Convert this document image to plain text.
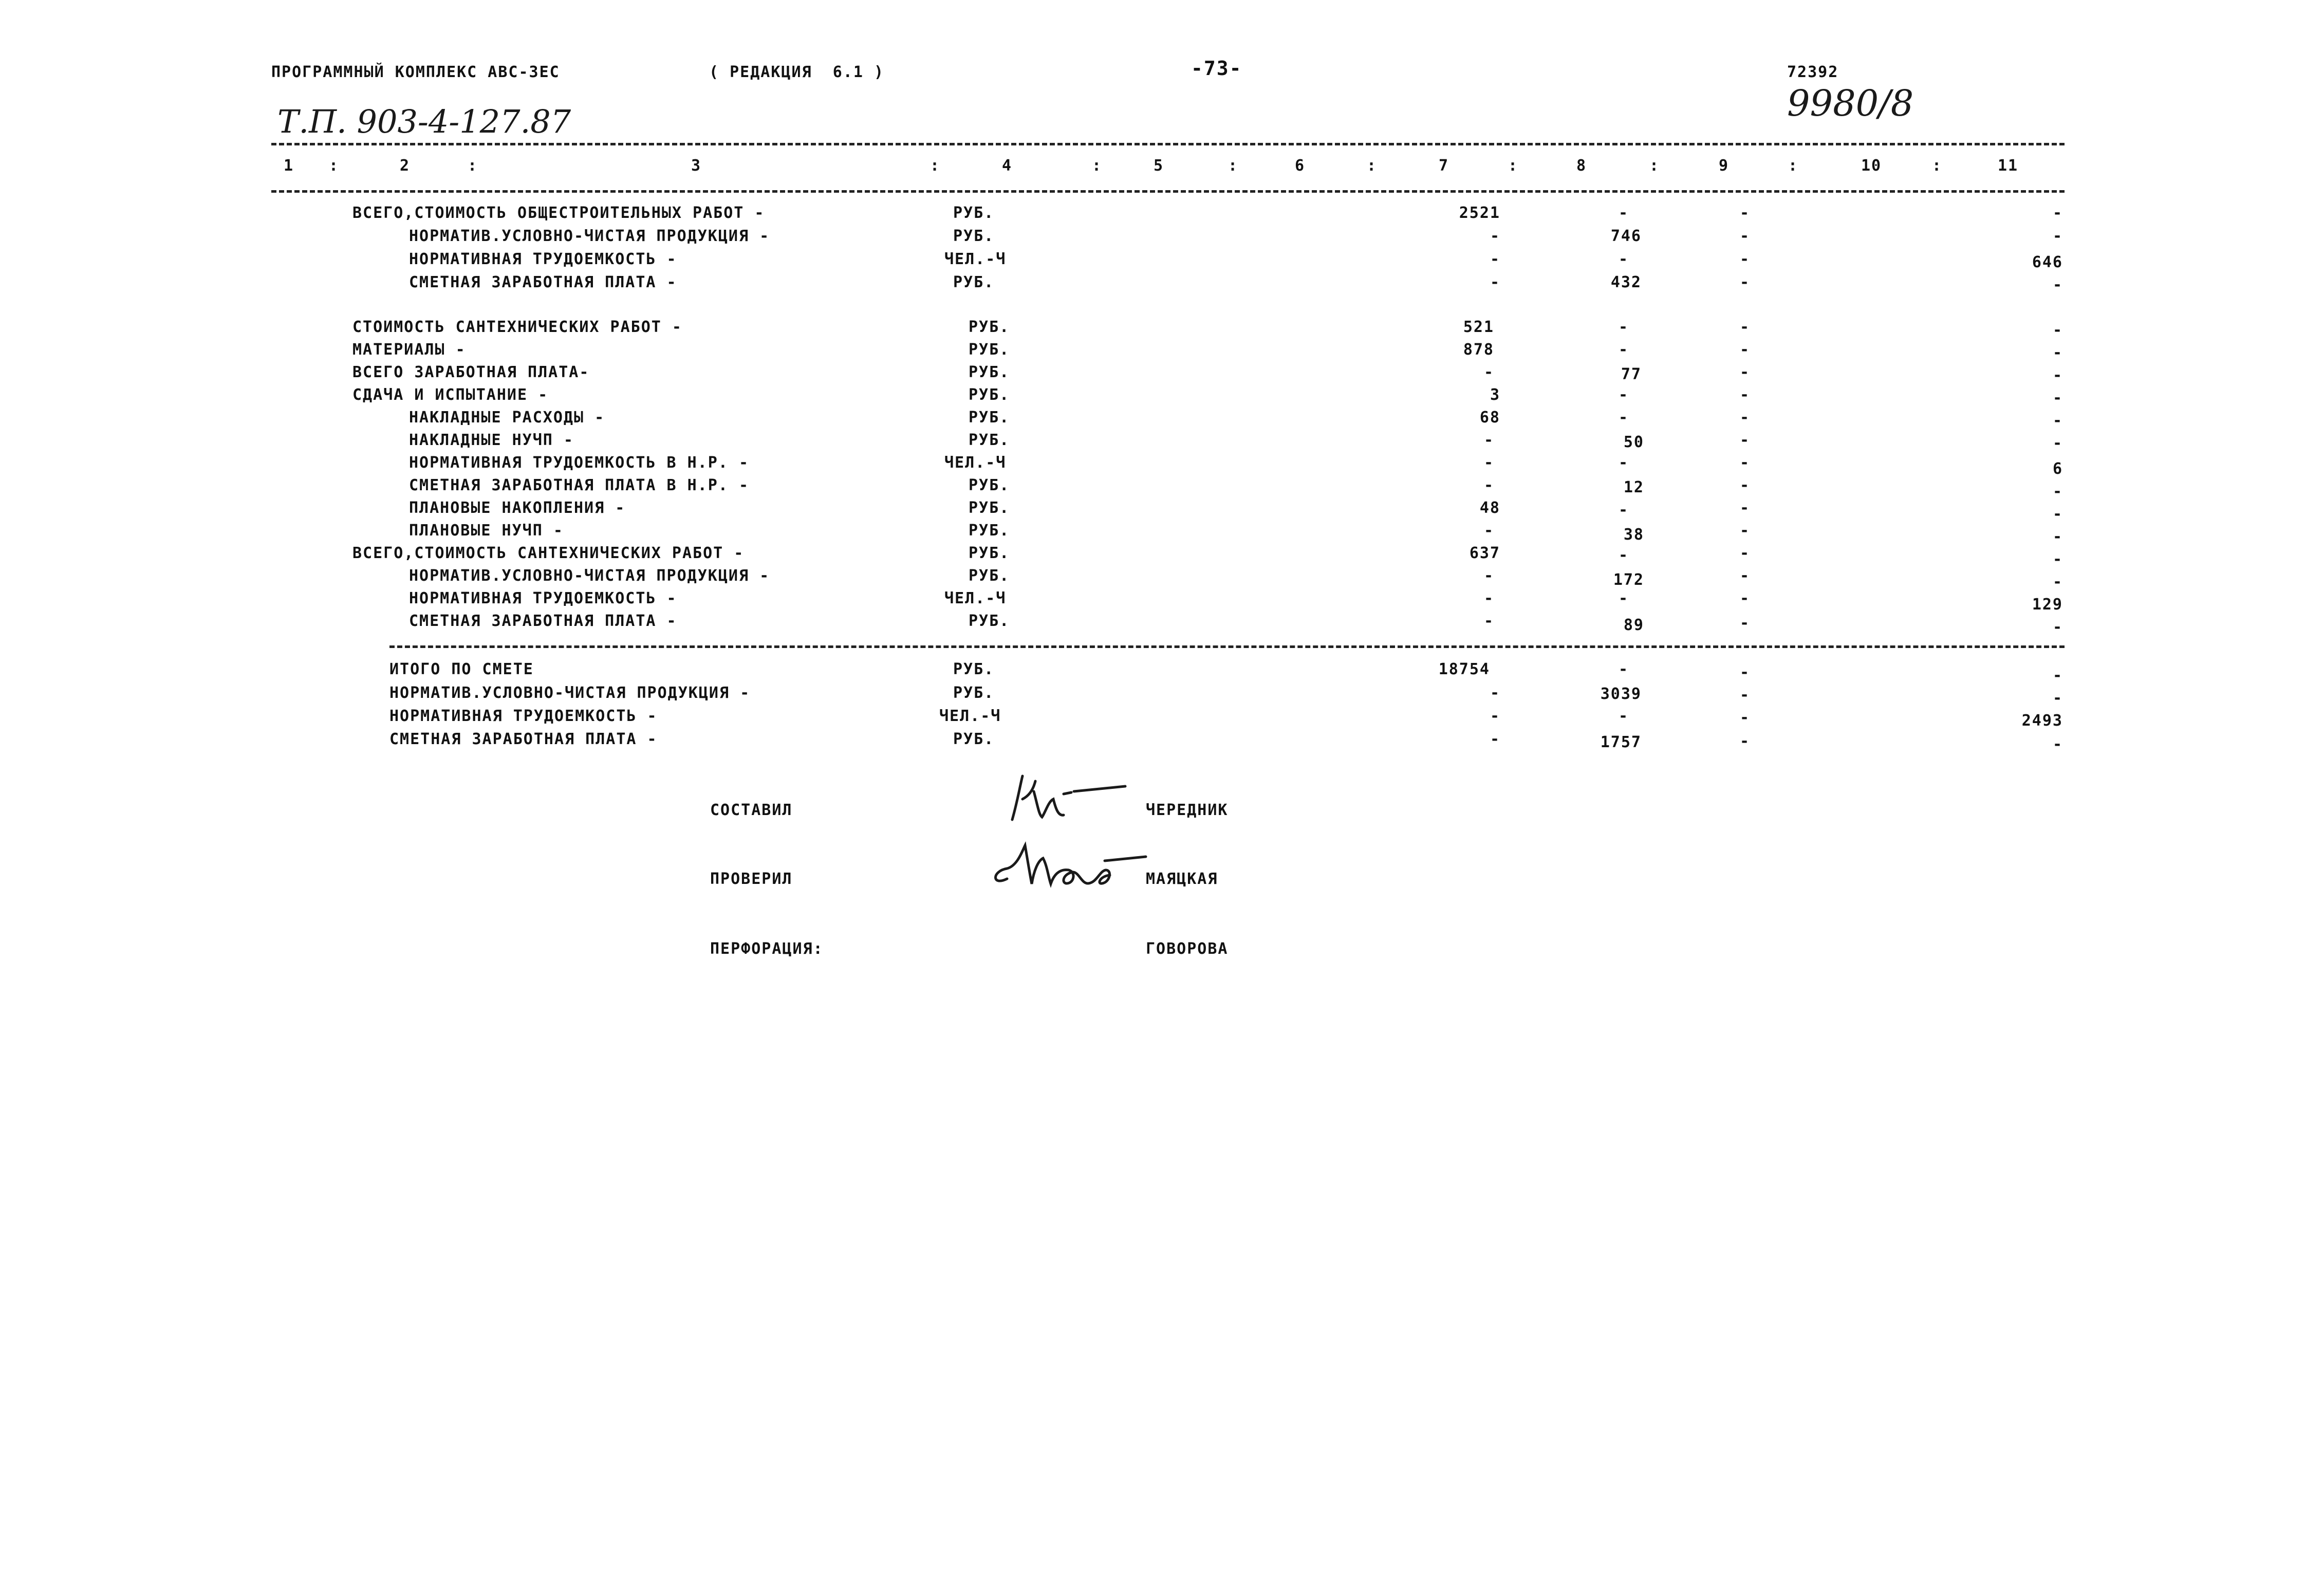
ПРОГРАММНЫЙ КОМПЛЕКС АВС-3ЕС	( РЕДАКЦИЯ  6.1 )	-73-	72392
Т.П. 903-4-127.87	9980/8
1	2	3	4	5	6	7	8	9	10	11
:	:	:	:	:	:	:	:	:	:
ВСЕГО,СТОИМОСТЬ ОБЩЕСТРОИТЕЛЬНЫХ РАБОТ -	РУБ.	2521	-	-	-
НОРМАТИВ.УСЛОВНО-ЧИСТАЯ ПРОДУКЦИЯ -	РУБ.	-	746	-	-
НОРМАТИВНАЯ ТРУДОЕМКОСТЬ -	ЧЕЛ.-Ч	-	-	-	646
СМЕТНАЯ ЗАРАБОТНАЯ ПЛАТА -	РУБ.	-	432	-	-
СТОИМОСТЬ САНТЕХНИЧЕСКИХ РАБОТ -	РУБ.	521	-	-	-
МАТЕРИАЛЫ -	РУБ.	878	-	-	-
ВСЕГО ЗАРАБОТНАЯ ПЛАТА-	РУБ.	-	77	-	-
СДАЧА И ИСПЫТАНИЕ -	РУБ.	3	-	-	-
НАКЛАДНЫЕ РАСХОДЫ -	РУБ.	68	-	-	-
НАКЛАДНЫЕ НУЧП -	РУБ.	-	50	-	-
НОРМАТИВНАЯ ТРУДОЕМКОСТЬ В Н.Р. -	ЧЕЛ.-Ч	-	-	-	6
СМЕТНАЯ ЗАРАБОТНАЯ ПЛАТА В Н.Р. -	РУБ.	-	12	-	-
ПЛАНОВЫЕ НАКОПЛЕНИЯ -	РУБ.	48	-	-	-
ПЛАНОВЫЕ НУЧП -	РУБ.	-	38	-	-
ВСЕГО,СТОИМОСТЬ САНТЕХНИЧЕСКИХ РАБОТ -	РУБ.	637	-	-	-
НОРМАТИВ.УСЛОВНО-ЧИСТАЯ ПРОДУКЦИЯ -	РУБ.	-	172	-	-
НОРМАТИВНАЯ ТРУДОЕМКОСТЬ -	ЧЕЛ.-Ч	-	-	-	129
СМЕТНАЯ ЗАРАБОТНАЯ ПЛАТА -	РУБ.	-	89	-	-
ИТОГО ПО СМЕТЕ	РУБ.	18754	-	-	-
НОРМАТИВ.УСЛОВНО-ЧИСТАЯ ПРОДУКЦИЯ -	РУБ.	-	3039	-	-
НОРМАТИВНАЯ ТРУДОЕМКОСТЬ -	ЧЕЛ.-Ч	-	-	-	2493
СМЕТНАЯ ЗАРАБОТНАЯ ПЛАТА -	РУБ.	-	1757	-	-
СОСТАВИЛ	ЧЕРЕДНИК
ПРОВЕРИЛ	МАЯЦКАЯ
ПЕРФОРАЦИЯ:	ГОВОРОВА
